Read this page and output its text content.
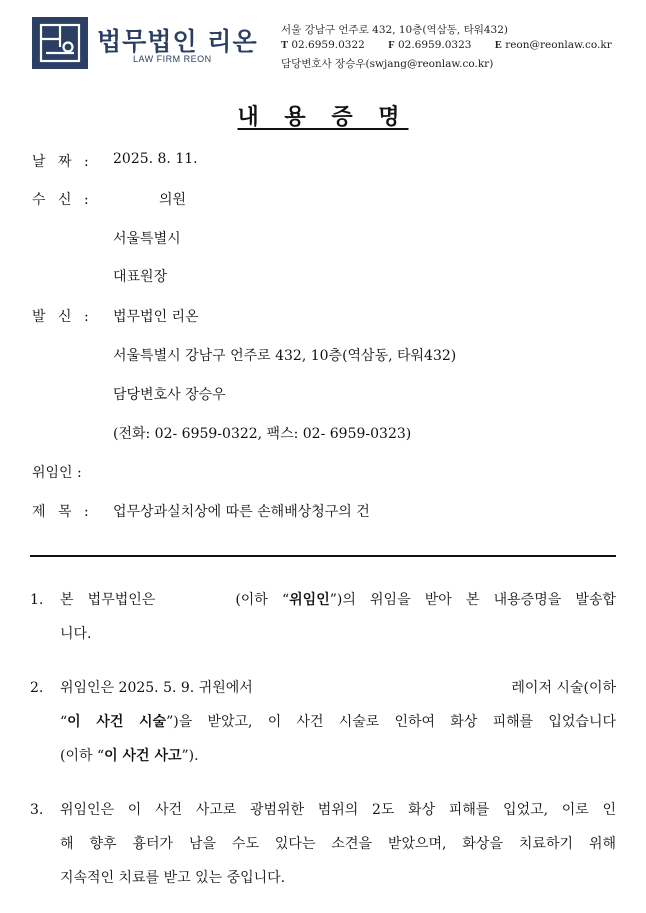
법무법인 리온
LAW FIRM REON
서울 강남구 언주로 432, 10층(역삼동, 타워432)
T 02.6959.0322 F 02.6959.0323 E reon@reonlaw.co.kr
담당변호사 장승우(swjang@reonlaw.co.kr)
내 용 증 명
날 짜 : 2025. 8. 11.
수 신 :	의원
서울특별시
대표원장
발 신 : 법무법인 리온
서울특별시 강남구 언주로 432, 10층(역삼동, 타워432)
담당변호사 장승우
(전화: 02- 6959-0322, 팩스: 02- 6959-0323)
위임인 :
제 목 : 업무상과실치상에 따른 손해배상청구의 건
1.	본 법무법인은	(이하 “위임인”)의 위임을 받아 본 내용증명을 발송합
니다.
2.	위임인은 2025. 5. 9. 귀원에서	레이저 시술(이하
“이 사건 시술”)을 받았고, 이 사건 시술로 인하여 화상 피해를 입었습니다
(이하 “이 사건 사고”).
3.	위임인은 이 사건 사고로 광범위한 범위의 2도 화상 피해를 입었고, 이로 인
해 향후 흉터가 남을 수도 있다는 소견을 받았으며, 화상을 치료하기 위해
지속적인 치료를 받고 있는 중입니다.
